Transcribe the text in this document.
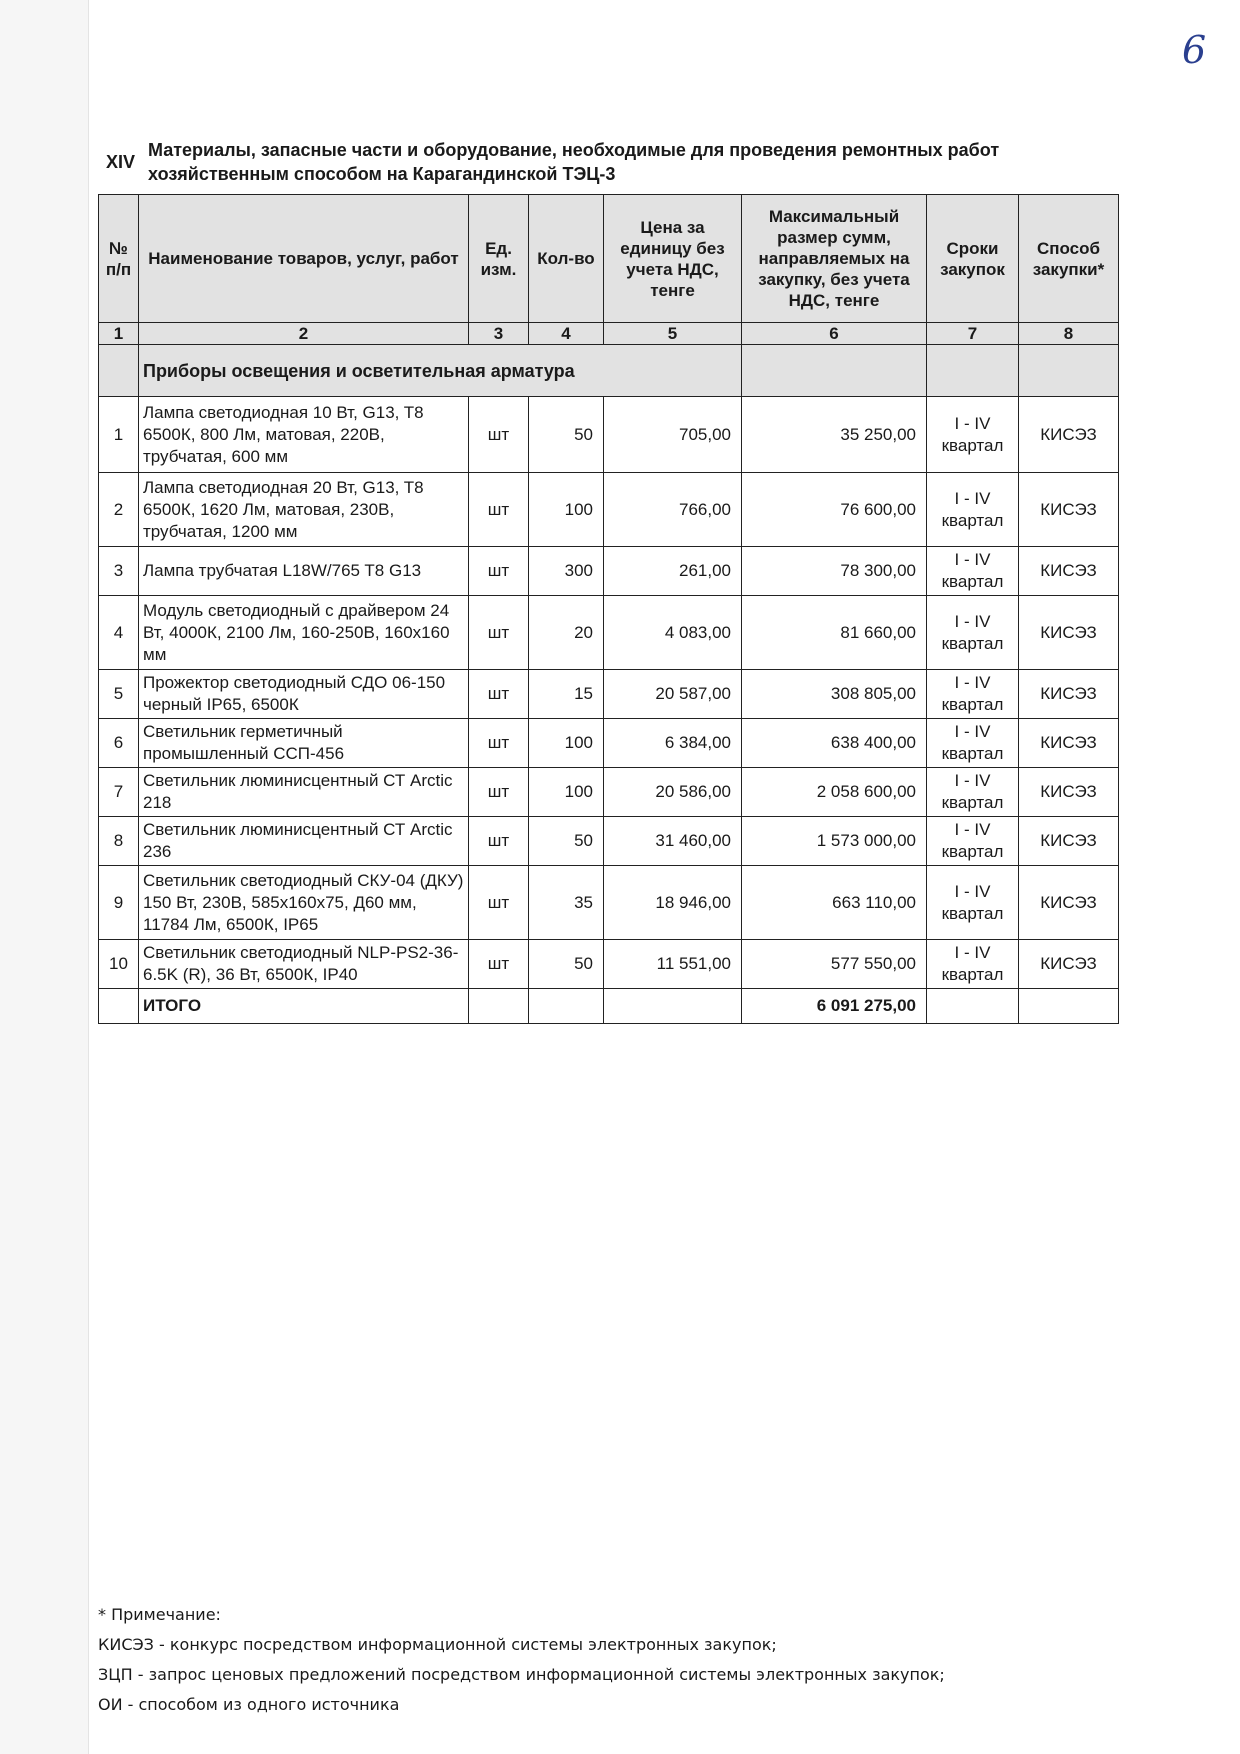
6
XIV
Материалы, запасные части и оборудование, необходимые для проведения ремонтных работ хозяйственным способом на Карагандинской ТЭЦ-3
№ п/п	Наименование товаров, услуг, работ	Ед. изм.	Кол-во	Цена за единицу без учета НДС, тенге	Максимальный размер сумм, направляемых на закупку, без учета НДС, тенге	Сроки закупок	Способ закупки*
1	2	3	4	5	6	7	8
	Приборы освещения и осветительная арматура						
1	Лампа светодиодная 10 Вт, G13, T8 6500К, 800 Лм, матовая, 220В, трубчатая, 600 мм	шт	50	705,00	35 250,00	I - IV квартал	КИСЭЗ
2	Лампа светодиодная 20 Вт, G13, T8 6500К, 1620 Лм, матовая, 230В, трубчатая, 1200 мм	шт	100	766,00	76 600,00	I - IV квартал	КИСЭЗ
3	Лампа трубчатая L18W/765 T8 G13	шт	300	261,00	78 300,00	I - IV квартал	КИСЭЗ
4	Модуль светодиодный с драйвером 24 Вт, 4000К, 2100 Лм, 160-250В, 160х160 мм	шт	20	4 083,00	81 660,00	I - IV квартал	КИСЭЗ
5	Прожектор светодиодный СДО 06-150 черный IP65, 6500К	шт	15	20 587,00	308 805,00	I - IV квартал	КИСЭЗ
6	Светильник герметичный промышленный ССП-456	шт	100	6 384,00	638 400,00	I - IV квартал	КИСЭЗ
7	Светильник люминисцентный СТ Arctic 218	шт	100	20 586,00	2 058 600,00	I - IV квартал	КИСЭЗ
8	Светильник люминисцентный СТ Arctic 236	шт	50	31 460,00	1 573 000,00	I - IV квартал	КИСЭЗ
9	Светильник светодиодный СКУ-04 (ДКУ) 150 Вт, 230В, 585х160х75, Д60 мм, 11784 Лм, 6500К, IP65	шт	35	18 946,00	663 110,00	I - IV квартал	КИСЭЗ
10	Светильник светодиодный NLP-PS2-36-6.5K (R), 36 Вт, 6500К, IP40	шт	50	11 551,00	577 550,00	I - IV квартал	КИСЭЗ
	ИТОГО				6 091 275,00		
* Примечание:
КИСЭЗ - конкурс посредством информационной системы электронных закупок;
ЗЦП - запрос ценовых предложений посредством информационной системы электронных закупок;
ОИ - способом из одного источника
